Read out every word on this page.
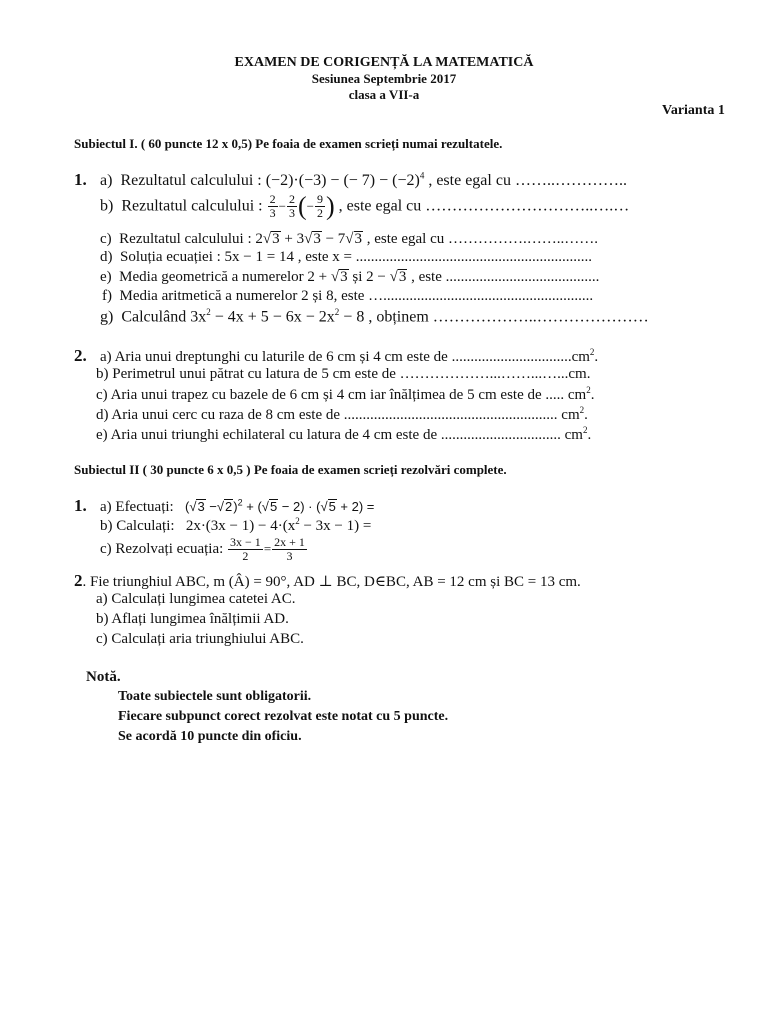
EXAMEN DE CORIGENȚĂ LA MATEMATICĂ
Sesiunea Septembrie 2017
clasa a VII-a
Varianta 1
Subiectul I. ( 60 puncte 12 x 0,5) Pe foaia de examen scrieți numai rezultatele.
1. a) Rezultatul calculului : (−2)·(−3) − (− $7) - (-2)^4$ , este egal cu ……..…………..
b) Rezultatul calculului : $\frac{2}{3} - \frac{2}{3}$ (− $\frac{9}{2}$ ) , este egal cu …………………………..….…
c) Rezultatul calculului : 2√3 + 3√3 − 7√3 , este egal cu …………….……..…….
d) Soluția ecuației : 5x − 1 = 14 , este x = ...............................................................
e) Media geometrică a numerelor 2 + √3 și 2 − √3 , este .........................................
f) Media aritmetică a numerelor 2 și 8, este …........................................................
g) Calculând $3x^2 - 4x + 5 - 6x - 2x^2 - 8$ , obținem ………………..…………………
2. a) Aria unui dreptunghi cu laturile de 6 cm și 4 cm este de $................................cm^2$.
b) Perimetrul unui pătrat cu latura de 5 cm este de ………………...……...…...cm.
c) Aria unui trapez cu bazele de 6 cm și 4 cm iar înălțimea de 5 cm este de ..... $cm^2$.
d) Aria unui cerc cu raza de 8 cm este de ......................................................... $cm^2$.
e) Aria unui triunghi echilateral cu latura de 4 cm este de ................................ $cm^2$.
Subiectul II ( 30 puncte 6 x 0,5 ) Pe foaia de examen scrieți rezolvări complete.
1. a) Efectuați: $(√3 -√2)^2 + (√5 - 2) \cdot (√5 + 2)$ =
b) Calculați: $2x\cdot(3x - 1) - 4\cdot(x^2 - 3x - 1)$ =
c) Rezolvați ecuația: $\frac{3x - 1}{2} = \frac{2x + 1}{3}$
2. Fie triunghiul ABC, m (Â) = 90°, AD ⊥ BC, D∈BC, AB = 12 cm și BC = 13 cm.
a) Calculați lungimea catetei AC.
b) Aflați lungimea înălțimii AD.
c) Calculați aria triunghiului ABC.
Notă.
Toate subiectele sunt obligatorii.
Fiecare subpunct corect rezolvat este notat cu 5 puncte.
Se acordă 10 puncte din oficiu.
